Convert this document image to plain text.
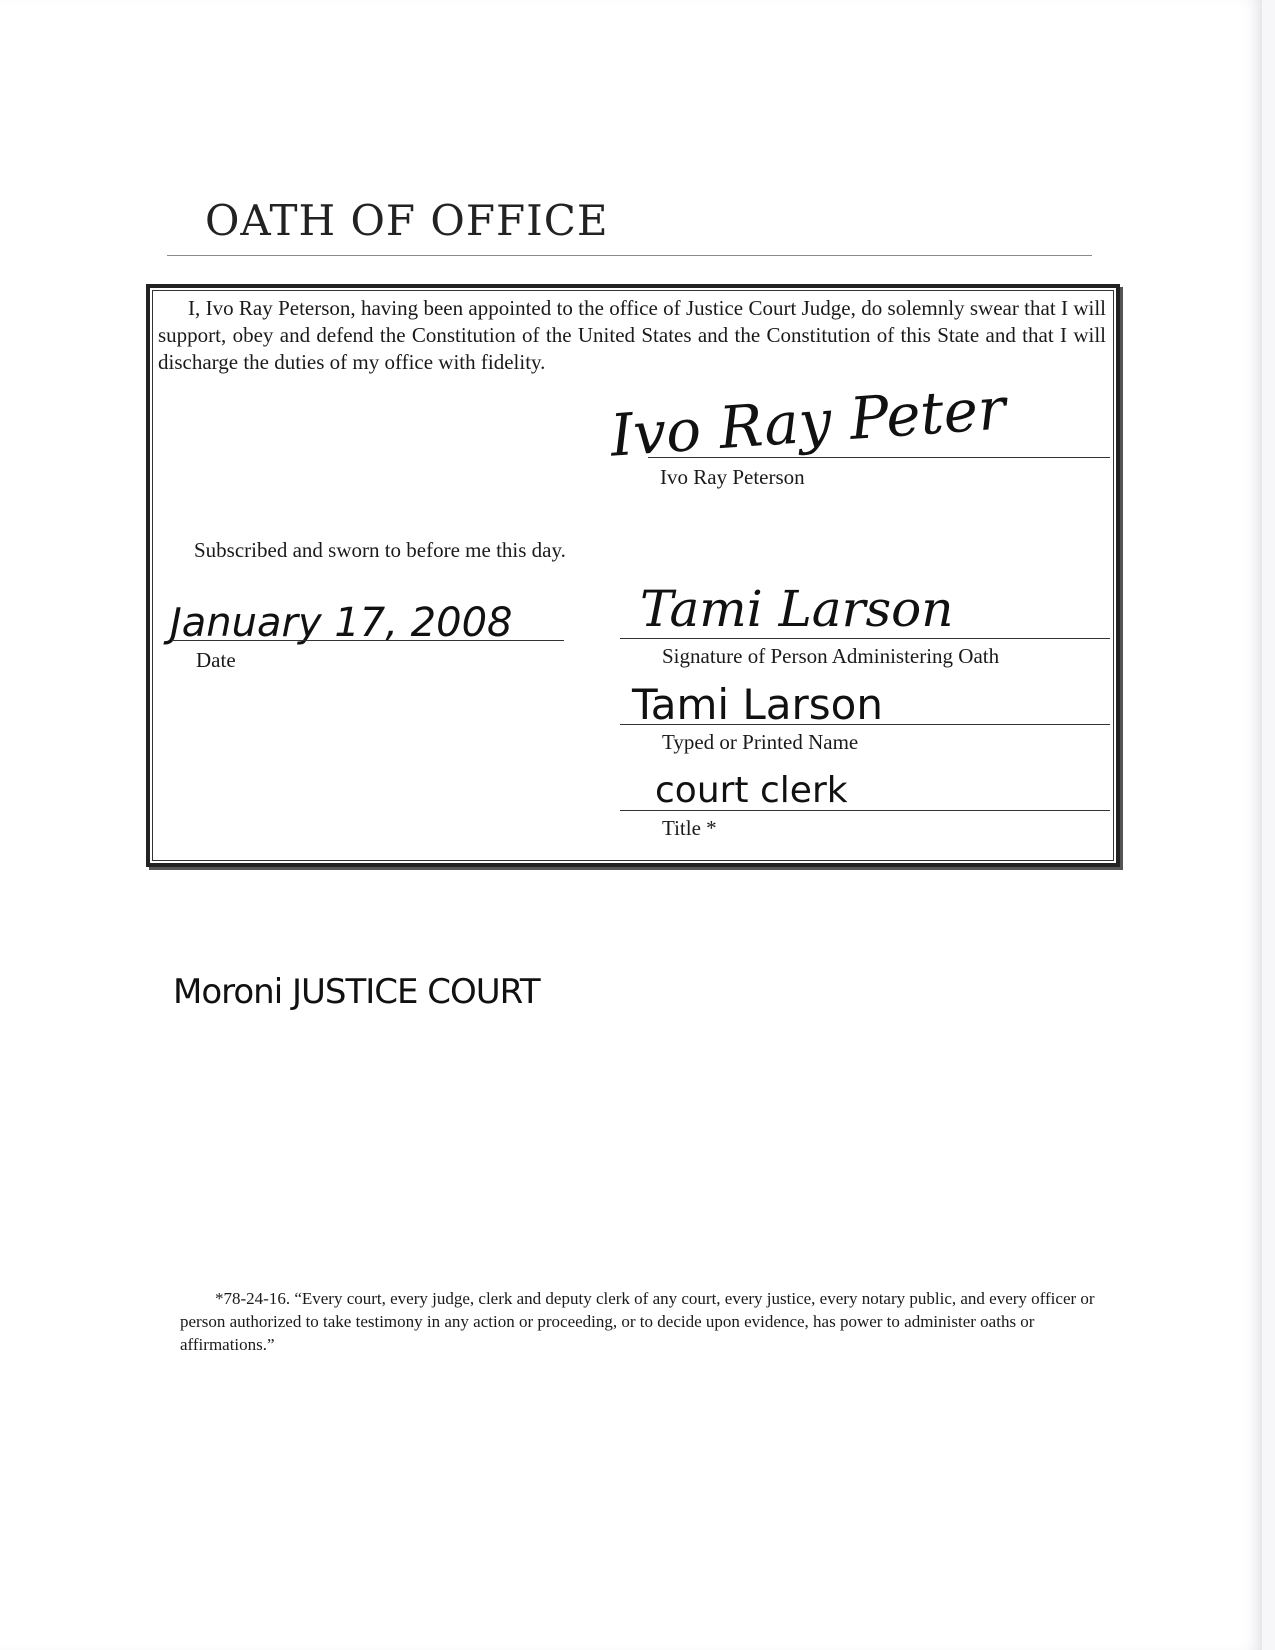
OATH OF OFFICE

I, Ivo Ray Peterson, having been appointed to the office of Justice Court Judge, do solemnly swear that I will support, obey and defend the Constitution of the United States and the Constitution of this State and that I will discharge the duties of my office with fidelity.

Ivo Ray Peter
Ivo Ray Peterson
Subscribed and sworn to before me this day.
January 17, 2008
Date
Tami Larson
Signature of Person Administering Oath
Tami Larson
Typed or Printed Name
court clerk
Title *
Moroni JUSTICE COURT

*78-24-16. “Every court, every judge, clerk and deputy clerk of any court, every justice, every notary public, and every officer or person authorized to take testimony in any action or proceeding, or to decide upon evidence, has power to administer oaths or affirmations.”
